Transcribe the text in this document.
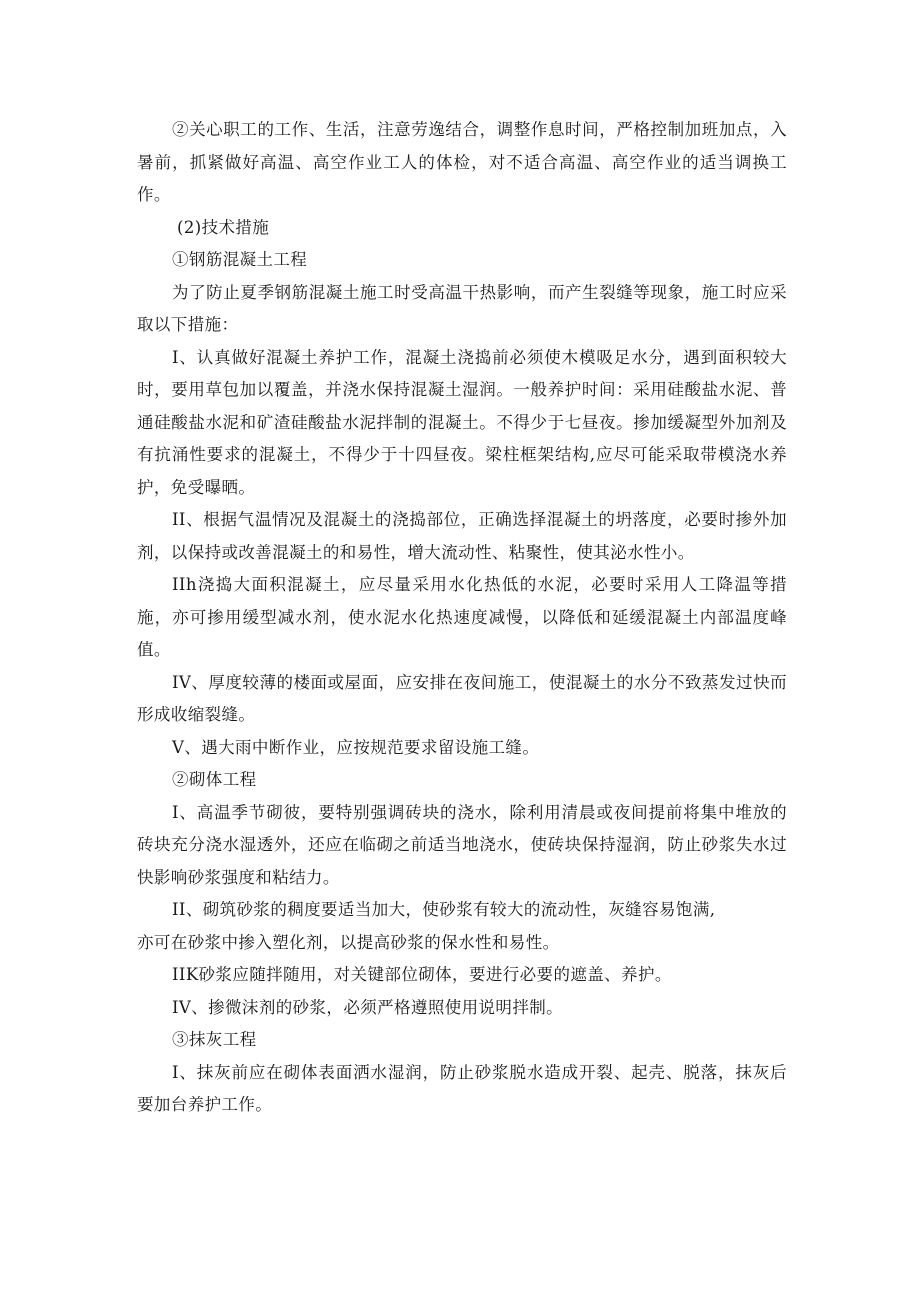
②关心职工的工作、生活，注意劳逸结合，调整作息时间，严格控制加班加点，入暑前，抓紧做好高温、高空作业工人的体检，对不适合高温、高空作业的适当调换工作。

(2)技术措施

①钢筋混凝土工程

为了防止夏季钢筋混凝土施工时受高温干热影响，而产生裂缝等现象，施工时应采取以下措施：

I、认真做好混凝土养护工作，混凝土浇捣前必须使木模吸足水分，遇到面积较大时，要用草包加以覆盖，并浇水保持混凝土湿润。一般养护时间：采用硅酸盐水泥、普通硅酸盐水泥和矿渣硅酸盐水泥拌制的混凝土。不得少于七昼夜。掺加缓凝型外加剂及有抗涌性要求的混凝土，不得少于十四昼夜。梁柱框架结构,应尽可能采取带模浇水养护，免受曝晒。

II、根据气温情况及混凝土的浇捣部位，正确选择混凝土的坍落度，必要时掺外加剂，以保持或改善混凝土的和易性，增大流动性、粘聚性，使其泌水性小。

IIh浇捣大面积混凝土，应尽量采用水化热低的水泥，必要时采用人工降温等措施，亦可掺用缓型减水剂，使水泥水化热速度减慢，以降低和延缓混凝土内部温度峰值。

IV、厚度较薄的楼面或屋面，应安排在夜间施工，使混凝土的水分不致蒸发过快而形成收缩裂缝。

V、遇大雨中断作业，应按规范要求留设施工缝。

②砌体工程

I、高温季节砌彼，要特别强调砖块的浇水，除利用清晨或夜间提前将集中堆放的砖块充分浇水湿透外，还应在临砌之前适当地浇水，使砖块保持湿润，防止砂浆失水过快影响砂浆强度和粘结力。

II、砌筑砂浆的稠度要适当加大，使砂浆有较大的流动性，灰缝容易饱满,

亦可在砂浆中掺入塑化剂，以提高砂浆的保水性和易性。

IIK砂浆应随拌随用，对关键部位砌体，要进行必要的遮盖、养护。

IV、掺微沫剂的砂浆，必须严格遵照使用说明拌制。

③抹灰工程

I、抹灰前应在砌体表面洒水湿润，防止砂浆脱水造成开裂、起壳、脱落，抹灰后要加台养护工作。
